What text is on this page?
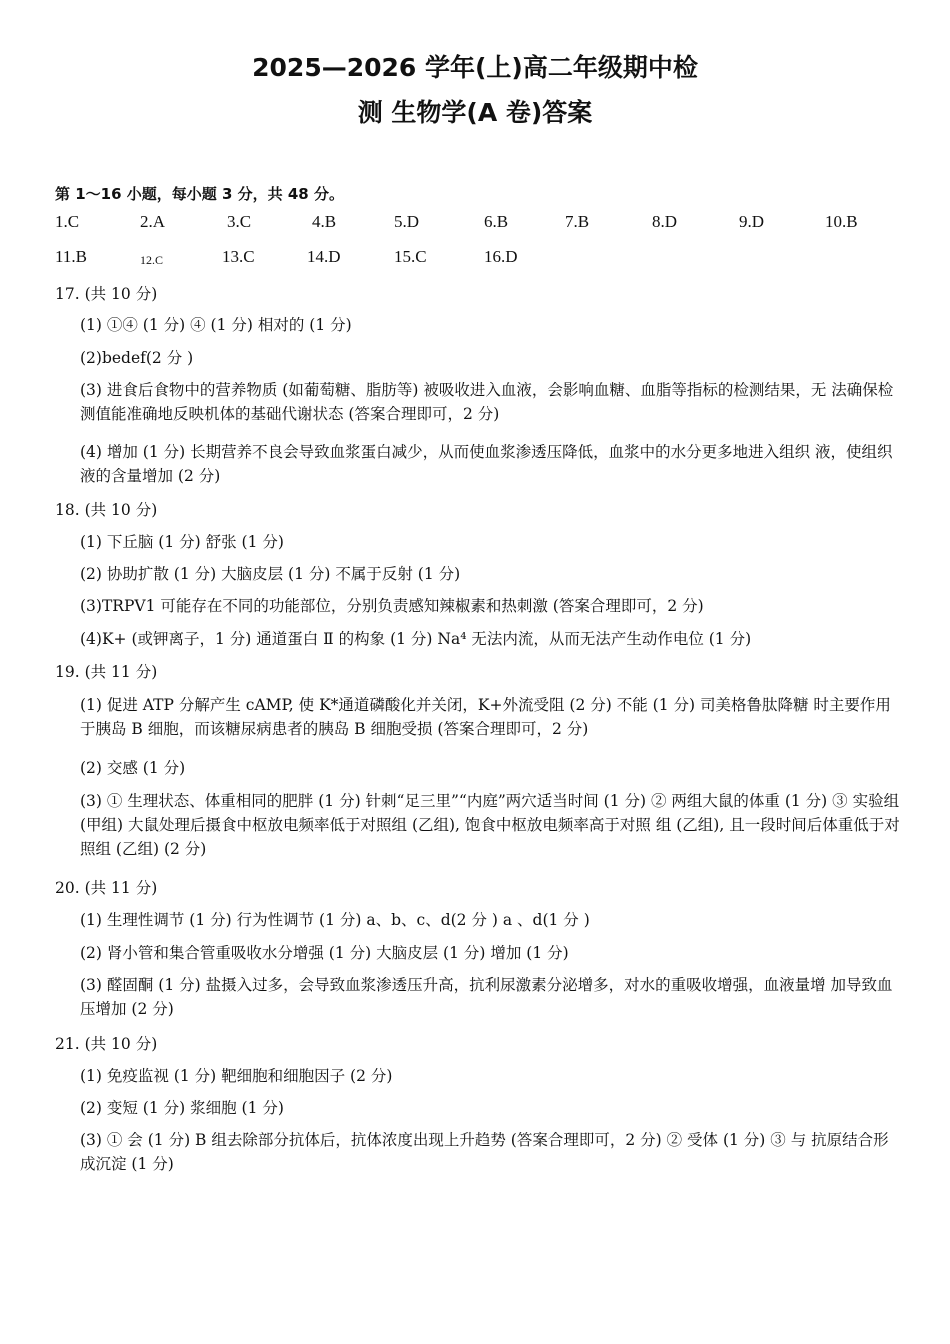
2025—2026 学年(上)高二年级期中检
测 生物学(A 卷)答案
第 1～16 小题，每小题 3 分，共 48 分。
1.C	2.A	3.C	4.B	5.D	6.B	7.B	8.D	9.D	10.B
11.B	12.C	13.C	14.D	15.C	16.D
17. (共 10 分)
(1) ①④ (1 分) ④ (1 分) 相对的 (1 分)
(2)bedef(2 分 )
(3) 进食后食物中的营养物质 (如葡萄糖、脂肪等) 被吸收进入血液，会影响血糖、血脂等指标的检测结果，无 法确保检测值能准确地反映机体的基础代谢状态 (答案合理即可，2 分)
(4) 增加 (1 分) 长期营养不良会导致血浆蛋白减少，从而使血浆渗透压降低，血浆中的水分更多地进入组织 液，使组织液的含量增加 (2 分)
18. (共 10 分)
(1) 下丘脑 (1 分) 舒张 (1 分)
(2) 协助扩散 (1 分) 大脑皮层 (1 分) 不属于反射 (1 分)
(3)TRPV1 可能存在不同的功能部位，分别负责感知辣椒素和热刺激 (答案合理即可，2 分)
(4)K+ (或钾离子，1 分) 通道蛋白 Ⅱ 的构象 (1 分) Na⁴ 无法内流，从而无法产生动作电位 (1 分)
19. (共 11 分)
(1) 促进 ATP 分解产生 cAMP, 使 K*通道磷酸化并关闭，K+外流受阻 (2 分) 不能 (1 分) 司美格鲁肽降糖 时主要作用于胰岛 B 细胞，而该糖尿病患者的胰岛 B 细胞受损 (答案合理即可，2 分)
(2) 交感 (1 分)
(3) ① 生理状态、体重相同的肥胖 (1 分) 针刺“足三里”“内庭”两穴适当时间 (1 分) ② 两组大鼠的体重 (1 分) ③ 实验组 (甲组) 大鼠处理后摄食中枢放电频率低于对照组 (乙组), 饱食中枢放电频率高于对照 组 (乙组), 且一段时间后体重低于对照组 (乙组) (2 分)
20. (共 11 分)
(1) 生理性调节 (1 分) 行为性调节 (1 分) a、b、c、d(2 分 ) a 、d(1 分 )
(2) 肾小管和集合管重吸收水分增强 (1 分) 大脑皮层 (1 分) 增加 (1 分)
(3) 醛固酮 (1 分) 盐摄入过多，会导致血浆渗透压升高，抗利尿激素分泌增多，对水的重吸收增强，血液量增 加导致血压增加 (2 分)
21. (共 10 分)
(1) 免疫监视 (1 分) 靶细胞和细胞因子 (2 分)
(2) 变短 (1 分) 浆细胞 (1 分)
(3) ① 会 (1 分) B 组去除部分抗体后，抗体浓度出现上升趋势 (答案合理即可，2 分) ② 受体 (1 分) ③ 与 抗原结合形成沉淀 (1 分)
